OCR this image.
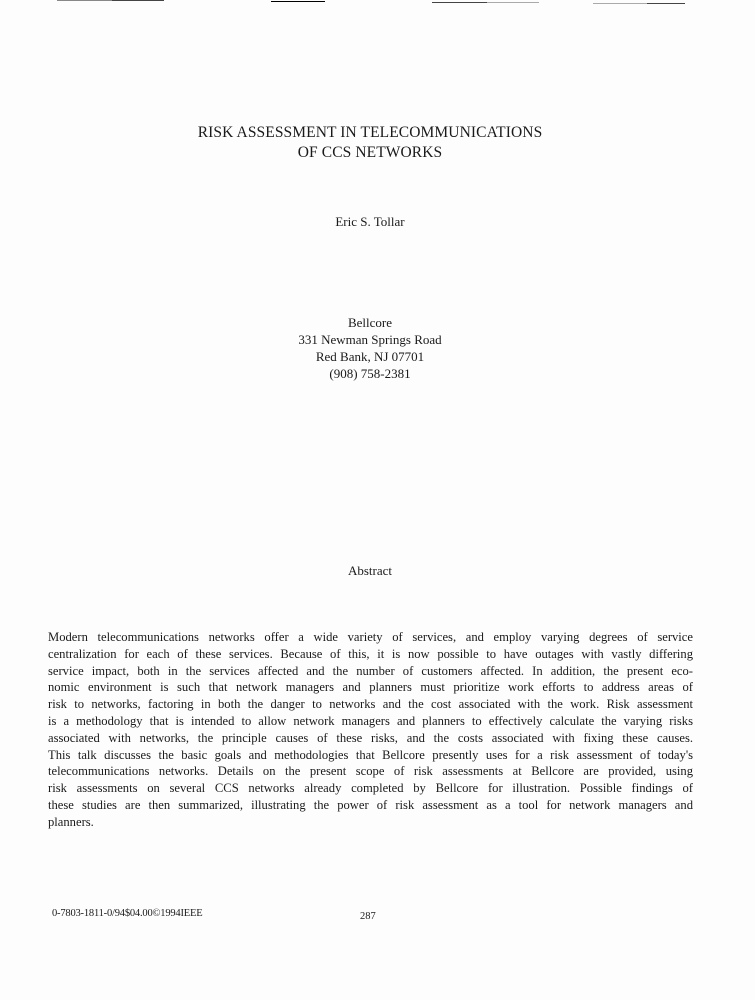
RISK ASSESSMENT IN TELECOMMUNICATIONS
OF CCS NETWORKS
Eric S. Tollar
Bellcore
331 Newman Springs Road
Red Bank, NJ 07701
(908) 758-2381
Abstract
Modern telecommunications networks offer a wide variety of services, and employ varying degrees of service
centralization for each of these services. Because of this, it is now possible to have outages with vastly differing
service impact, both in the services affected and the number of customers affected. In addition, the present eco-
nomic environment is such that network managers and planners must prioritize work efforts to address areas of
risk to networks, factoring in both the danger to networks and the cost associated with the work. Risk assessment
is a methodology that is intended to allow network managers and planners to effectively calculate the varying risks
associated with networks, the principle causes of these risks, and the costs associated with fixing these causes.
This talk discusses the basic goals and methodologies that Bellcore presently uses for a risk assessment of today's
telecommunications networks. Details on the present scope of risk assessments at Bellcore are provided, using
risk assessments on several CCS networks already completed by Bellcore for illustration. Possible findings of
these studies are then summarized, illustrating the power of risk assessment as a tool for network managers and
planners.
0-7803-1811-0/94$04.00©1994IEEE	287
